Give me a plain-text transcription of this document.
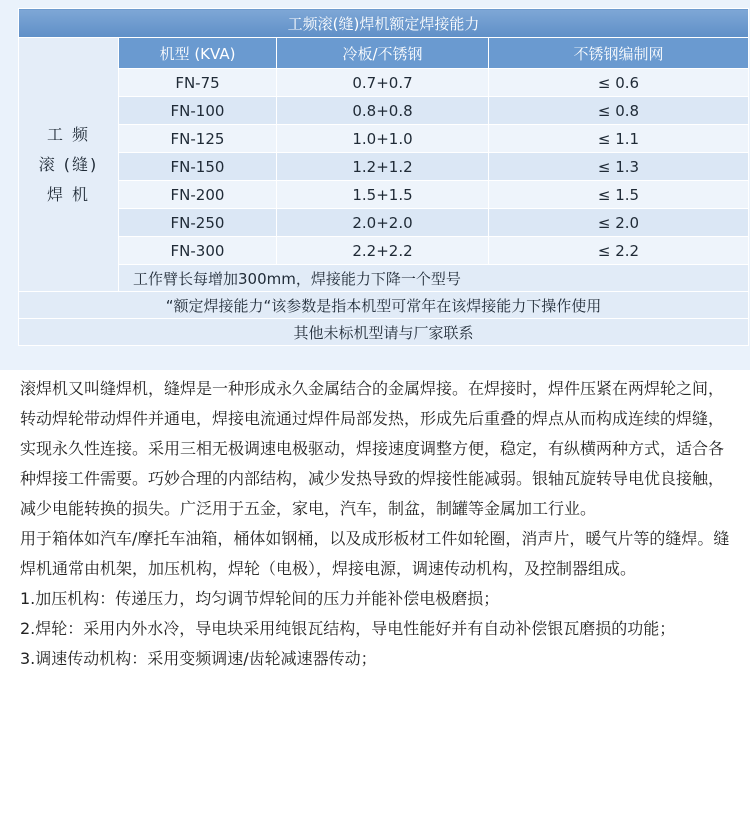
工频滚(缝)焊机额定焊接能力			

工 频
滚 (缝)
焊 机	机型 (KVA)	冷板/不锈钢	不锈钢编制网
	FN-75	0.7+0.7	≤ 0.6
	FN-100	0.8+0.8	≤ 0.8
	FN-125	1.0+1.0	≤ 1.1
	FN-150	1.2+1.2	≤ 1.3
	FN-200	1.5+1.5	≤ 1.5
	FN-250	2.0+2.0	≤ 2.0
	FN-300	2.2+2.2	≤ 2.2
	工作臂长每增加300mm，焊接能力下降一个型号		
“额定焊接能力“该参数是指本机型可常年在该焊接能力下操作使用			
其他未标机型请与厂家联系			

滚焊机又叫缝焊机，缝焊是一种形成永久金属结合的金属焊接。在焊接时，焊件压紧在两焊轮之间，转动焊轮带动焊件并通电，焊接电流通过焊件局部发热，形成先后重叠的焊点从而构成连续的焊缝，实现永久性连接。采用三相无极调速电极驱动，焊接速度调整方便，稳定，有纵横两种方式，适合各种焊接工件需要。巧妙合理的内部结构，减少发热导致的焊接性能减弱。银轴瓦旋转导电优良接触，减少电能转换的损失。广泛用于五金，家电，汽车，制盆，制罐等金属加工行业。

用于箱体如汽车/摩托车油箱，桶体如钢桶，以及成形板材工件如轮圈，消声片，暖气片等的缝焊。缝焊机通常由机架，加压机构，焊轮（电极），焊接电源，调速传动机构，及控制器组成。

1.加压机构：传递压力，均匀调节焊轮间的压力并能补偿电极磨损；

2.焊轮：采用内外水冷，导电块采用纯银瓦结构，导电性能好并有自动补偿银瓦磨损的功能；

3.调速传动机构：采用变频调速/齿轮减速器传动；
